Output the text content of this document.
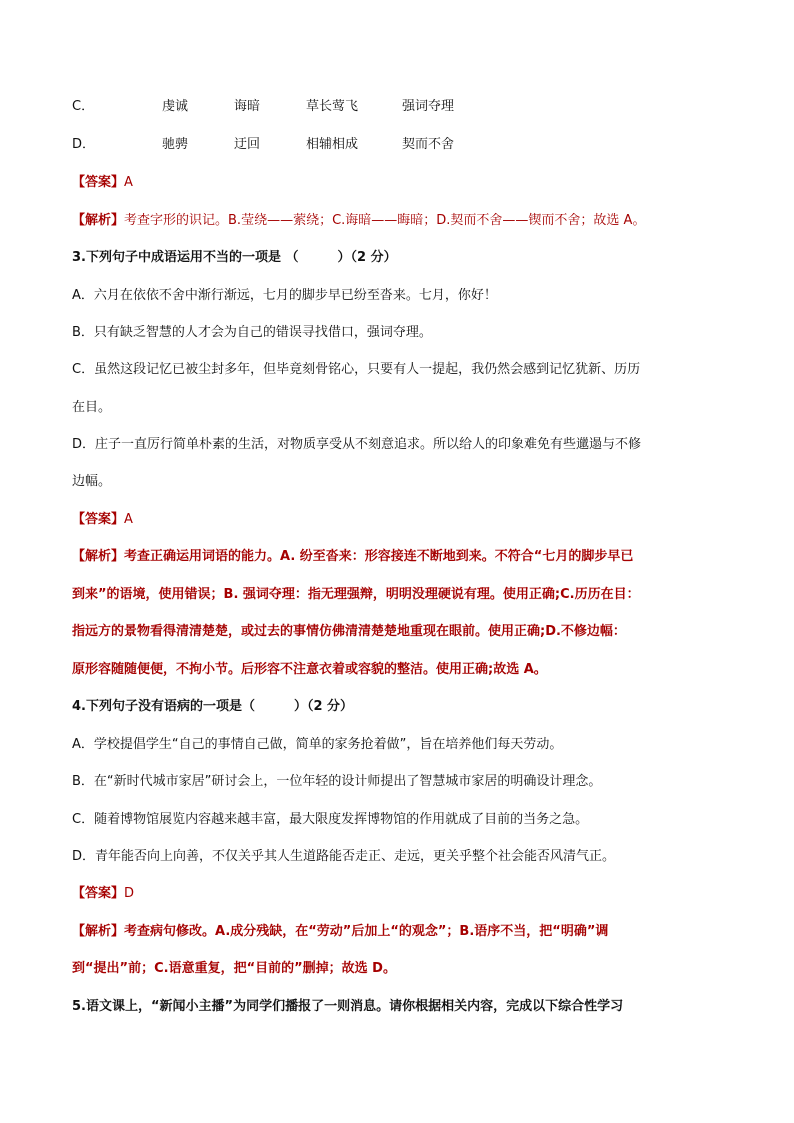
C．	虔诚	诲暗	草长莺飞	强词夺理
D．	驰骋	迂回	相辅相成	契而不舍
【答案】A
【解析】考查字形的识记。B.莹绕——萦绕；C.诲暗——晦暗；D.契而不舍——锲而不舍；故选 A。
3.下列句子中成语运用不当的一项是 （　　　）（2 分）
A．六月在依依不舍中渐行渐远，七月的脚步早已纷至沓来。七月，你好！
B．只有缺乏智慧的人才会为自己的错误寻找借口，强词夺理。
C．虽然这段记忆已被尘封多年，但毕竟刻骨铭心，只要有人一提起，我仍然会感到记忆犹新、历历
在目。
D．庄子一直厉行简单朴素的生活，对物质享受从不刻意追求。所以给人的印象难免有些邋遢与不修
边幅。
【答案】A
【解析】考查正确运用词语的能力。A. 纷至沓来：形容接连不断地到来。不符合“七月的脚步早已
到来”的语境，使用错误；B. 强词夺理：指无理强辩，明明没理硬说有理。使用正确;C.历历在目：
指远方的景物看得清清楚楚，或过去的事情仿佛清清楚楚地重现在眼前。使用正确;D.不修边幅：
原形容随随便便，不拘小节。后形容不注意衣着或容貌的整洁。使用正确;故选 A。
4.下列句子没有语病的一项是（　　　）（2 分）
A．学校提倡学生“自己的事情自己做，简单的家务抢着做”，旨在培养他们每天劳动。
B．在“新时代城市家居”研讨会上，一位年轻的设计师提出了智慧城市家居的明确设计理念。
C．随着博物馆展览内容越来越丰富，最大限度发挥博物馆的作用就成了目前的当务之急。
D．青年能否向上向善，不仅关乎其人生道路能否走正、走远，更关乎整个社会能否风清气正。
【答案】D
【解析】考查病句修改。A.成分残缺，在“劳动”后加上“的观念”；B.语序不当，把“明确”调
到“提出”前；C.语意重复，把“目前的”删掉；故选 D。
5.语文课上，“新闻小主播”为同学们播报了一则消息。请你根据相关内容，完成以下综合性学习
